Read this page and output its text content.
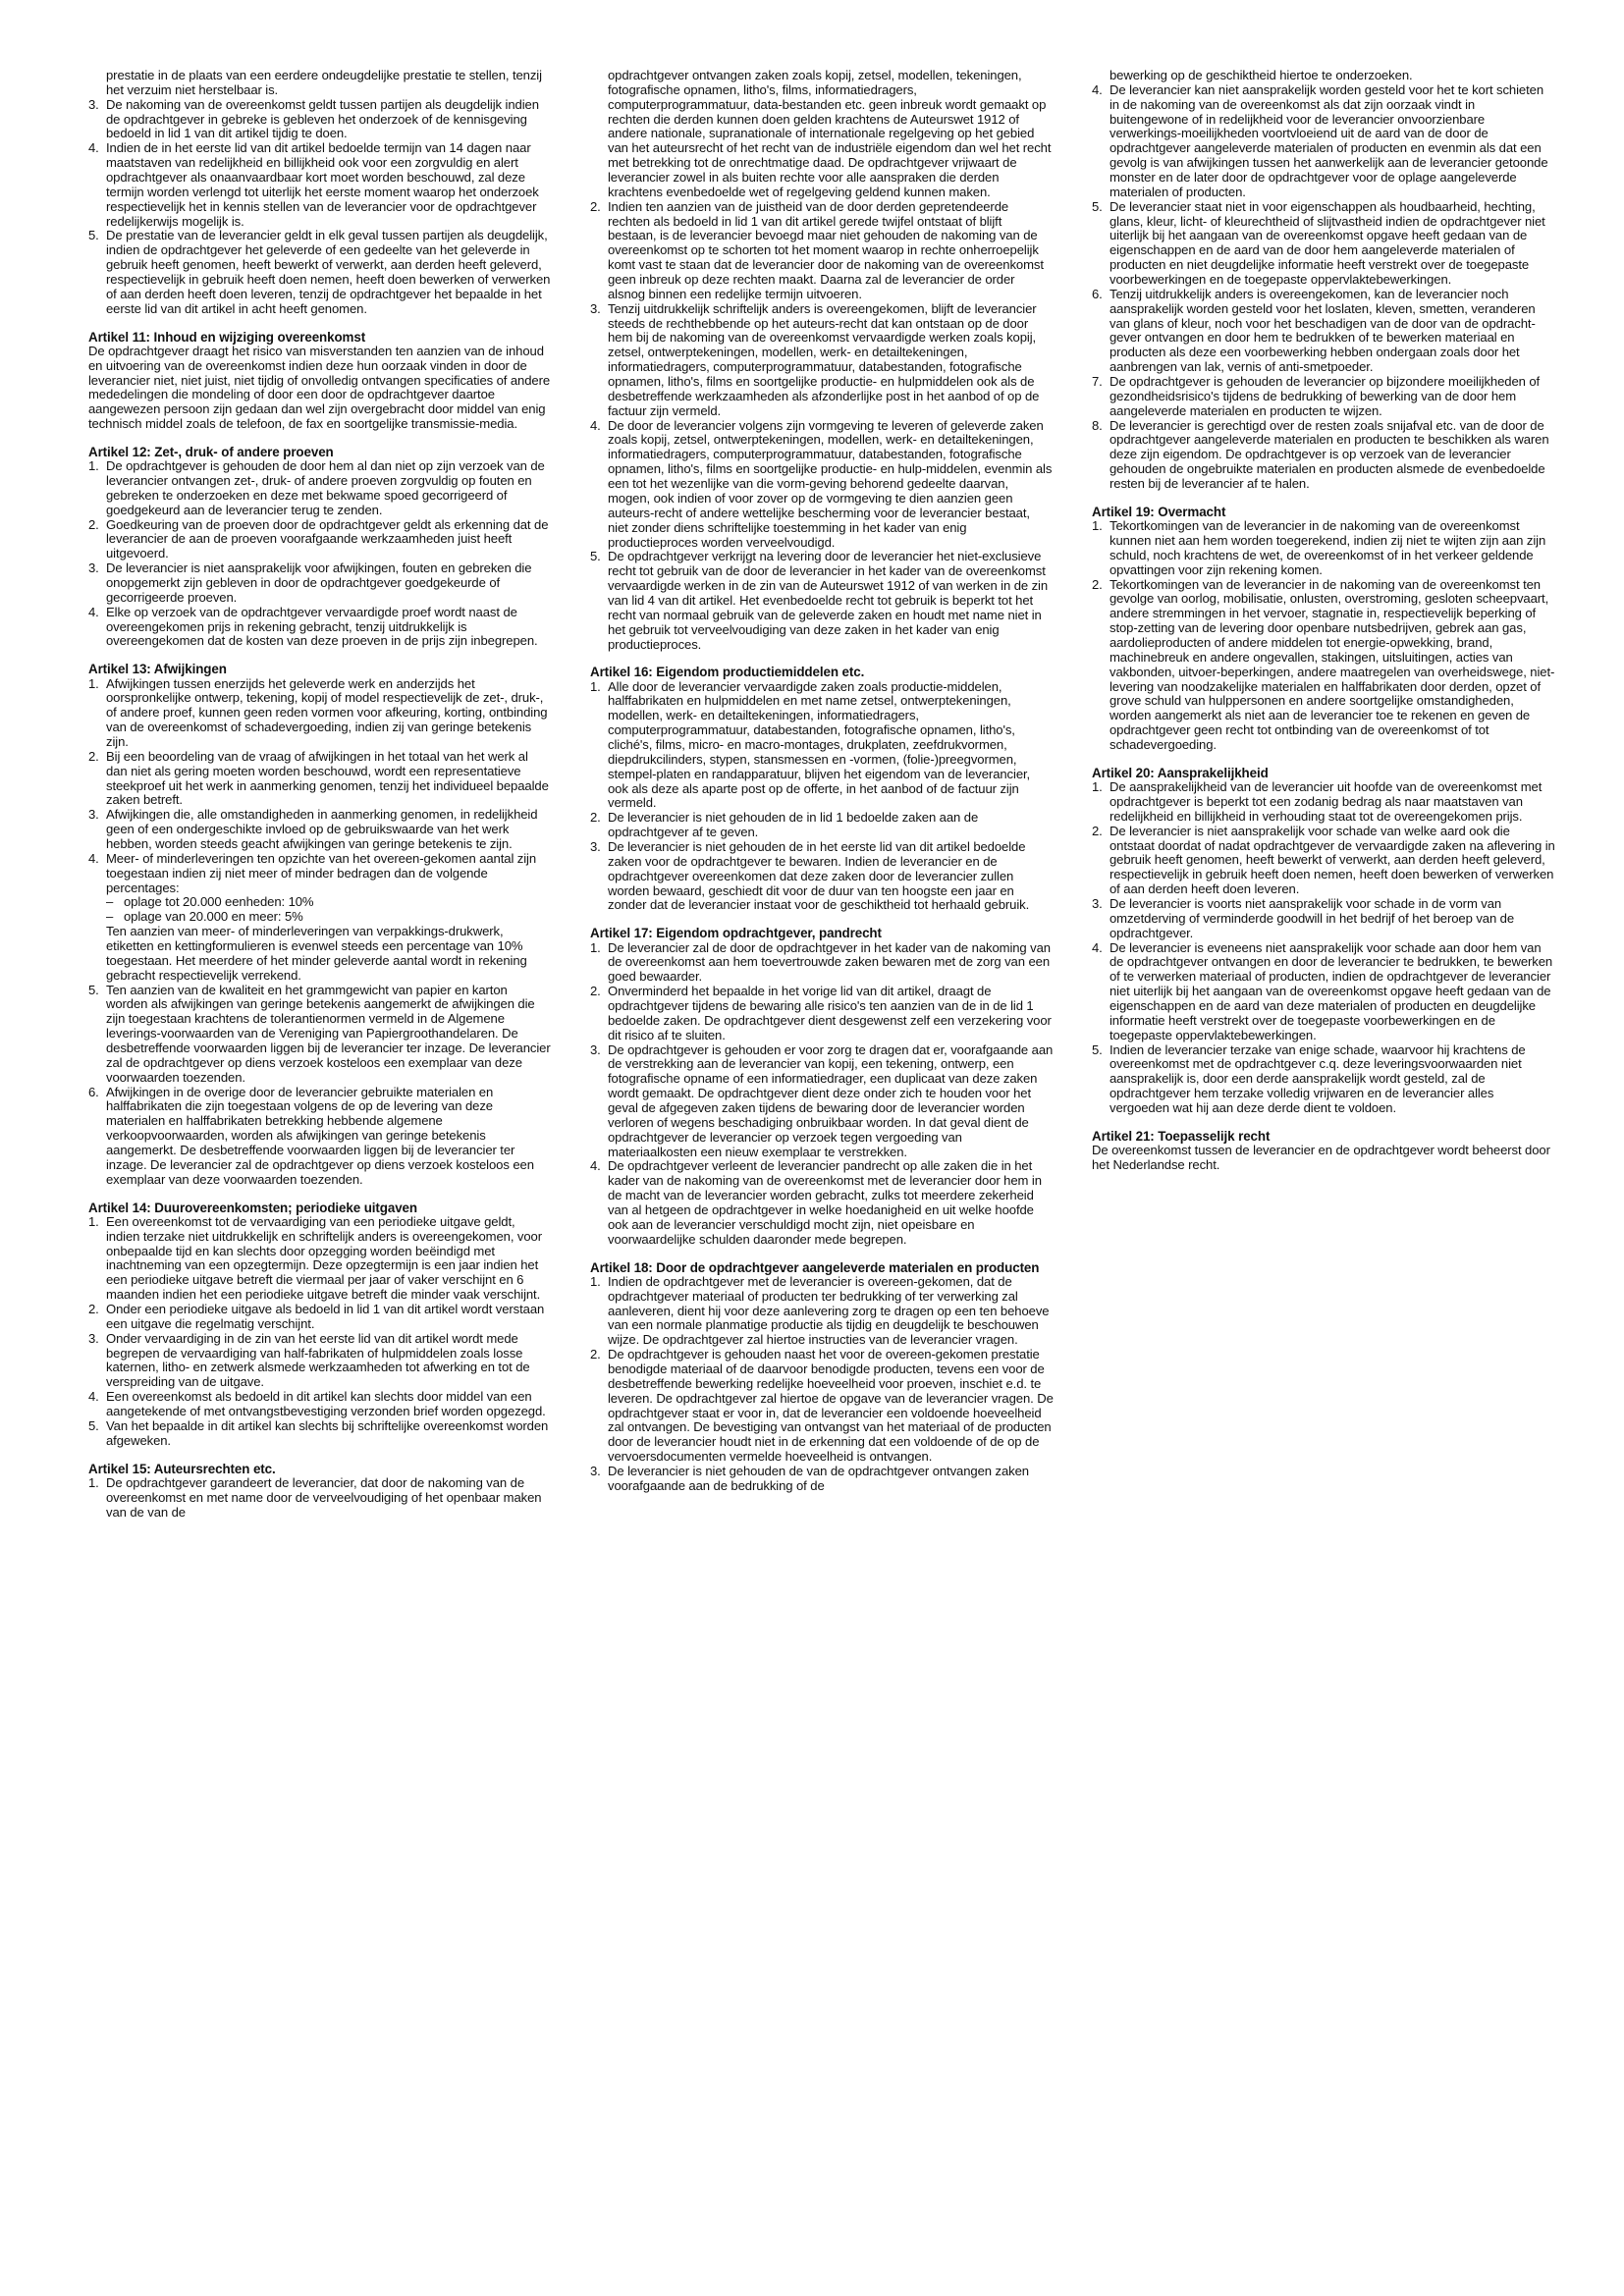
prestatie in de plaats van een eerdere ondeugdelijke prestatie te stellen, tenzij het verzuim niet herstelbaar is.
3. De nakoming van de overeenkomst geldt tussen partijen als deugdelijk indien de opdrachtgever in gebreke is gebleven het onderzoek of de kennisgeving bedoeld in lid 1 van dit artikel tijdig te doen.
4. Indien de in het eerste lid van dit artikel bedoelde termijn van 14 dagen naar maatstaven van redelijkheid en billijkheid ook voor een zorgvuldig en alert opdrachtgever als onaanvaardbaar kort moet worden beschouwd, zal deze termijn worden verlengd tot uiterlijk het eerste moment waarop het onderzoek respectievelijk het in kennis stellen van de leverancier voor de opdrachtgever redelijkerwijs mogelijk is.
5. De prestatie van de leverancier geldt in elk geval tussen partijen als deugdelijk, indien de opdrachtgever het geleverde of een gedeelte van het geleverde in gebruik heeft genomen, heeft bewerkt of verwerkt, aan derden heeft geleverd, respectievelijk in gebruik heeft doen nemen, heeft doen bewerken of verwerken of aan derden heeft doen leveren, tenzij de opdrachtgever het bepaalde in het eerste lid van dit artikel in acht heeft genomen.
Artikel 11: Inhoud en wijziging overeenkomst

De opdrachtgever draagt het risico van misverstanden ten aanzien van de inhoud en uitvoering van de overeenkomst indien deze hun oorzaak vinden in door de leverancier niet, niet juist, niet tijdig of onvolledig ontvangen specificaties of andere mededelingen die mondeling of door een door de opdrachtgever daartoe aangewezen persoon zijn gedaan dan wel zijn overgebracht door middel van enig technisch middel zoals de telefoon, de fax en soortgelijke transmissie-media.

Artikel 12: Zet-, druk- of andere proeven
1. De opdrachtgever is gehouden de door hem al dan niet op zijn verzoek van de leverancier ontvangen zet-, druk- of andere proeven zorgvuldig op fouten en gebreken te onderzoeken en deze met bekwame spoed gecorrigeerd of goedgekeurd aan de leverancier terug te zenden.
2. Goedkeuring van de proeven door de opdrachtgever geldt als erkenning dat de leverancier de aan de proeven voorafgaande werkzaamheden juist heeft uitgevoerd.
3. De leverancier is niet aansprakelijk voor afwijkingen, fouten en gebreken die onopgemerkt zijn gebleven in door de opdrachtgever goedgekeurde of gecorrigeerde proeven.
4. Elke op verzoek van de opdrachtgever vervaardigde proef wordt naast de overeengekomen prijs in rekening gebracht, tenzij uitdrukkelijk is overeengekomen dat de kosten van deze proeven in de prijs zijn inbegrepen.
Artikel 13: Afwijkingen
1. Afwijkingen tussen enerzijds het geleverde werk en anderzijds het oorspronkelijke ontwerp, tekening, kopij of model respectievelijk de zet-, druk-, of andere proef, kunnen geen reden vormen voor afkeuring, korting, ontbinding van de overeenkomst of schadevergoeding, indien zij van geringe betekenis zijn.
2. Bij een beoordeling van de vraag of afwijkingen in het totaal van het werk al dan niet als gering moeten worden beschouwd, wordt een representatieve steekproef uit het werk in aanmerking genomen, tenzij het individueel bepaalde zaken betreft.
3. Afwijkingen die, alle omstandigheden in aanmerking genomen, in redelijkheid geen of een ondergeschikte invloed op de gebruikswaarde van het werk hebben, worden steeds geacht afwijkingen van geringe betekenis te zijn.
4. Meer- of minderleveringen ten opzichte van het overeen-gekomen aantal zijn toegestaan indien zij niet meer of minder bedragen dan de volgende percentages:
– oplage tot 20.000 eenheden: 10%
– oplage van 20.000 en meer: 5%
Ten aanzien van meer- of minderleveringen van verpakkings-drukwerk, etiketten en kettingformulieren is evenwel steeds een percentage van 10% toegestaan. Het meerdere of het minder geleverde aantal wordt in rekening gebracht respectievelijk verrekend.
5. Ten aanzien van de kwaliteit en het grammgewicht van papier en karton worden als afwijkingen van geringe betekenis aangemerkt de afwijkingen die zijn toegestaan krachtens de tolerantienormen vermeld in de Algemene leverings-voorwaarden van de Vereniging van Papiergroothandelaren. De desbetreffende voorwaarden liggen bij de leverancier ter inzage. De leverancier zal de opdrachtgever op diens verzoek kosteloos een exemplaar van deze voorwaarden toezenden.
6. Afwijkingen in de overige door de leverancier gebruikte materialen en halffabrikaten die zijn toegestaan volgens de op de levering van deze materialen en halffabrikaten betrekking hebbende algemene verkoopvoorwaarden, worden als afwijkingen van geringe betekenis aangemerkt. De desbetreffende voorwaarden liggen bij de leverancier ter inzage. De leverancier zal de opdrachtgever op diens verzoek kosteloos een exemplaar van deze voorwaarden toezenden.
Artikel 14: Duurovereenkomsten; periodieke uitgaven
1. Een overeenkomst tot de vervaardiging van een periodieke uitgave geldt, indien terzake niet uitdrukkelijk en schriftelijk anders is overeengekomen, voor onbepaalde tijd en kan slechts door opzegging worden beëindigd met inachtneming van een opzegtermijn. Deze opzegtermijn is een jaar indien het een periodieke uitgave betreft die viermaal per jaar of vaker verschijnt en 6 maanden indien het een periodieke uitgave betreft die minder vaak verschijnt.
2. Onder een periodieke uitgave als bedoeld in lid 1 van dit artikel wordt verstaan een uitgave die regelmatig verschijnt.
3. Onder vervaardiging in de zin van het eerste lid van dit artikel wordt mede begrepen de vervaardiging van half-fabrikaten of hulpmiddelen zoals losse katernen, litho- en zetwerk alsmede werkzaamheden tot afwerking en tot de verspreiding van de uitgave.
4. Een overeenkomst als bedoeld in dit artikel kan slechts door middel van een aangetekende of met ontvangstbevestiging verzonden brief worden opgezegd.
5. Van het bepaalde in dit artikel kan slechts bij schriftelijke overeenkomst worden afgeweken.
Artikel 15: Auteursrechten etc.
1. De opdrachtgever garandeert de leverancier, dat door de nakoming van de overeenkomst en met name door de verveelvoudiging of het openbaar maken van de van de
opdrachtgever ontvangen zaken zoals kopij, zetsel, modellen, tekeningen, fotografische opnamen, litho's, films, informatiedragers, computerprogrammatuur, data-bestanden etc. geen inbreuk wordt gemaakt op rechten die derden kunnen doen gelden krachtens de Auteurswet 1912 of andere nationale, supranationale of internationale regelgeving op het gebied van het auteursrecht of het recht van de industriële eigendom dan wel het recht met betrekking tot de onrechtmatige daad. De opdrachtgever vrijwaart de leverancier zowel in als buiten rechte voor alle aanspraken die derden krachtens evenbedoelde wet of regelgeving geldend kunnen maken.
2. Indien ten aanzien van de juistheid van de door derden gepretendeerde rechten als bedoeld in lid 1 van dit artikel gerede twijfel ontstaat of blijft bestaan, is de leverancier bevoegd maar niet gehouden de nakoming van de overeenkomst op te schorten tot het moment waarop in rechte onherroepelijk komt vast te staan dat de leverancier door de nakoming van de overeenkomst geen inbreuk op deze rechten maakt. Daarna zal de leverancier de order alsnog binnen een redelijke termijn uitvoeren.
3. Tenzij uitdrukkelijk schriftelijk anders is overeengekomen, blijft de leverancier steeds de rechthebbende op het auteurs-recht dat kan ontstaan op de door hem bij de nakoming van de overeenkomst vervaardigde werken zoals kopij, zetsel, ontwerptekeningen, modellen, werk- en detailtekeningen, informatiedragers, computerprogrammatuur, databestanden, fotografische opnamen, litho's, films en soortgelijke productie- en hulpmiddelen ook als de desbetreffende werkzaamheden als afzonderlijke post in het aanbod of op de factuur zijn vermeld.
4. De door de leverancier volgens zijn vormgeving te leveren of geleverde zaken zoals kopij, zetsel, ontwerptekeningen, modellen, werk- en detailtekeningen, informatiedragers, computerprogrammatuur, databestanden, fotografische opnamen, litho's, films en soortgelijke productie- en hulp-middelen, evenmin als een tot het wezenlijke van die vorm-geving behorend gedeelte daarvan, mogen, ook indien of voor zover op de vormgeving te dien aanzien geen auteurs-recht of andere wettelijke bescherming voor de leverancier bestaat, niet zonder diens schriftelijke toestemming in het kader van enig productieproces worden verveelvoudigd.
5. De opdrachtgever verkrijgt na levering door de leverancier het niet-exclusieve recht tot gebruik van de door de leverancier in het kader van de overeenkomst vervaardigde werken in de zin van de Auteurswet 1912 of van werken in de zin van lid 4 van dit artikel. Het evenbedoelde recht tot gebruik is beperkt tot het recht van normaal gebruik van de geleverde zaken en houdt met name niet in het gebruik tot verveelvoudiging van deze zaken in het kader van enig productieproces.
Artikel 16: Eigendom productiemiddelen etc.
1. Alle door de leverancier vervaardigde zaken zoals productie-middelen, halffabrikaten en hulpmiddelen en met name zetsel, ontwerptekeningen, modellen, werk- en detailtekeningen, informatiedragers, computerprogrammatuur, databestanden, fotografische opnamen, litho's, cliché's, films, micro- en macro-montages, drukplaten, zeefdrukvormen, diepdrukcilinders, stypen, stansmessen en -vormen, (folie-)preegvormen, stempel-platen en randapparatuur, blijven het eigendom van de leverancier, ook als deze als aparte post op de offerte, in het aanbod of de factuur zijn vermeld.
2. De leverancier is niet gehouden de in lid 1 bedoelde zaken aan de opdrachtgever af te geven.
3. De leverancier is niet gehouden de in het eerste lid van dit artikel bedoelde zaken voor de opdrachtgever te bewaren. Indien de leverancier en de opdrachtgever overeenkomen dat deze zaken door de leverancier zullen worden bewaard, geschiedt dit voor de duur van ten hoogste een jaar en zonder dat de leverancier instaat voor de geschiktheid tot herhaald gebruik.
Artikel 17: Eigendom opdrachtgever, pandrecht
1. De leverancier zal de door de opdrachtgever in het kader van de nakoming van de overeenkomst aan hem toevertrouwde zaken bewaren met de zorg van een goed bewaarder.
2. Onverminderd het bepaalde in het vorige lid van dit artikel, draagt de opdrachtgever tijdens de bewaring alle risico's ten aanzien van de in de lid 1 bedoelde zaken. De opdrachtgever dient desgewenst zelf een verzekering voor dit risico af te sluiten.
3. De opdrachtgever is gehouden er voor zorg te dragen dat er, voorafgaande aan de verstrekking aan de leverancier van kopij, een tekening, ontwerp, een fotografische opname of een informatiedrager, een duplicaat van deze zaken wordt gemaakt. De opdrachtgever dient deze onder zich te houden voor het geval de afgegeven zaken tijdens de bewaring door de leverancier worden verloren of wegens beschadiging onbruikbaar worden. In dat geval dient de opdrachtgever de leverancier op verzoek tegen vergoeding van materiaalkosten een nieuw exemplaar te verstrekken.
4. De opdrachtgever verleent de leverancier pandrecht op alle zaken die in het kader van de nakoming van de overeenkomst met de leverancier door hem in de macht van de leverancier worden gebracht, zulks tot meerdere zekerheid van al hetgeen de opdrachtgever in welke hoedanigheid en uit welke hoofde ook aan de leverancier verschuldigd mocht zijn, niet opeisbare en voorwaardelijke schulden daaronder mede begrepen.
Artikel 18: Door de opdrachtgever aangeleverde materialen en producten
1. Indien de opdrachtgever met de leverancier is overeen-gekomen, dat de opdrachtgever materiaal of producten ter bedrukking of ter verwerking zal aanleveren, dient hij voor deze aanlevering zorg te dragen op een ten behoeve van een normale planmatige productie als tijdig en deugdelijk te beschouwen wijze. De opdrachtgever zal hiertoe instructies van de leverancier vragen.
2. De opdrachtgever is gehouden naast het voor de overeen-gekomen prestatie benodigde materiaal of de daarvoor benodigde producten, tevens een voor de desbetreffende bewerking redelijke hoeveelheid voor proeven, inschiet e.d. te leveren. De opdrachtgever zal hiertoe de opgave van de leverancier vragen. De opdrachtgever staat er voor in, dat de leverancier een voldoende hoeveelheid zal ontvangen. De bevestiging van ontvangst van het materiaal of de producten door de leverancier houdt niet in de erkenning dat een voldoende of de op de vervoersdocumenten vermelde hoeveelheid is ontvangen.
3. De leverancier is niet gehouden de van de opdrachtgever ontvangen zaken voorafgaande aan de bedrukking of de
bewerking op de geschiktheid hiertoe te onderzoeken.
4. De leverancier kan niet aansprakelijk worden gesteld voor het te kort schieten in de nakoming van de overeenkomst als dat zijn oorzaak vindt in buitengewone of in redelijkheid voor de leverancier onvoorzienbare verwerkings-moeilijkheden voortvloeiend uit de aard van de door de opdrachtgever aangeleverde materialen of producten en evenmin als dat een gevolg is van afwijkingen tussen het aanwerkelijk aan de leverancier getoonde monster en de later door de opdrachtgever voor de oplage aangeleverde materialen of producten.
5. De leverancier staat niet in voor eigenschappen als houdbaarheid, hechting, glans, kleur, licht- of kleurechtheid of slijtvastheid indien de opdrachtgever niet uiterlijk bij het aangaan van de overeenkomst opgave heeft gedaan van de eigenschappen en de aard van de door hem aangeleverde materialen of producten en niet deugdelijke informatie heeft verstrekt over de toegepaste voorbewerkingen en de toegepaste oppervlaktebewerkingen.
6. Tenzij uitdrukkelijk anders is overeengekomen, kan de leverancier noch aansprakelijk worden gesteld voor het loslaten, kleven, smetten, veranderen van glans of kleur, noch voor het beschadigen van de door van de opdracht-gever ontvangen en door hem te bedrukken of te bewerken materiaal en producten als deze een voorbewerking hebben ondergaan zoals door het aanbrengen van lak, vernis of anti-smetpoeder.
7. De opdrachtgever is gehouden de leverancier op bijzondere moeilijkheden of gezondheidsrisico's tijdens de bedrukking of bewerking van de door hem aangeleverde materialen en producten te wijzen.
8. De leverancier is gerechtigd over de resten zoals snijafval etc. van de door de opdrachtgever aangeleverde materialen en producten te beschikken als waren deze zijn eigendom. De opdrachtgever is op verzoek van de leverancier gehouden de ongebruikte materialen en producten alsmede de evenbedoelde resten bij de leverancier af te halen.
Artikel 19: Overmacht
1. Tekortkomingen van de leverancier in de nakoming van de overeenkomst kunnen niet aan hem worden toegerekend, indien zij niet te wijten zijn aan zijn schuld, noch krachtens de wet, de overeenkomst of in het verkeer geldende opvattingen voor zijn rekening komen.
2. Tekortkomingen van de leverancier in de nakoming van de overeenkomst ten gevolge van oorlog, mobilisatie, onlusten, overstroming, gesloten scheepvaart, andere stremmingen in het vervoer, stagnatie in, respectievelijk beperking of stop-zetting van de levering door openbare nutsbedrijven, gebrek aan gas, aardolieproducten of andere middelen tot energie-opwekking, brand, machinebreuk en andere ongevallen, stakingen, uitsluitingen, acties van vakbonden, uitvoer-beperkingen, andere maatregelen van overheidswege, niet-levering van noodzakelijke materialen en halffabrikaten door derden, opzet of grove schuld van hulppersonen en andere soortgelijke omstandigheden, worden aangemerkt als niet aan de leverancier toe te rekenen en geven de opdrachtgever geen recht tot ontbinding van de overeenkomst of tot schadevergoeding.
Artikel 20: Aansprakelijkheid
1. De aansprakelijkheid van de leverancier uit hoofde van de overeenkomst met opdrachtgever is beperkt tot een zodanig bedrag als naar maatstaven van redelijkheid en billijkheid in verhouding staat tot de overeengekomen prijs.
2. De leverancier is niet aansprakelijk voor schade van welke aard ook die ontstaat doordat of nadat opdrachtgever de vervaardigde zaken na aflevering in gebruik heeft genomen, heeft bewerkt of verwerkt, aan derden heeft geleverd, respectievelijk in gebruik heeft doen nemen, heeft doen bewerken of verwerken of aan derden heeft doen leveren.
3. De leverancier is voorts niet aansprakelijk voor schade in de vorm van omzetderving of verminderde goodwill in het bedrijf of het beroep van de opdrachtgever.
4. De leverancier is eveneens niet aansprakelijk voor schade aan door hem van de opdrachtgever ontvangen en door de leverancier te bedrukken, te bewerken of te verwerken materiaal of producten, indien de opdrachtgever de leverancier niet uiterlijk bij het aangaan van de overeenkomst opgave heeft gedaan van de eigenschappen en de aard van deze materialen of producten en deugdelijke informatie heeft verstrekt over de toegepaste voorbewerkingen en de toegepaste oppervlaktebewerkingen.
5. Indien de leverancier terzake van enige schade, waarvoor hij krachtens de overeenkomst met de opdrachtgever c.q. deze leveringsvoorwaarden niet aansprakelijk is, door een derde aansprakelijk wordt gesteld, zal de opdrachtgever hem terzake volledig vrijwaren en de leverancier alles vergoeden wat hij aan deze derde dient te voldoen.
Artikel 21: Toepasselijk recht

De overeenkomst tussen de leverancier en de opdrachtgever wordt beheerst door het Nederlandse recht.
